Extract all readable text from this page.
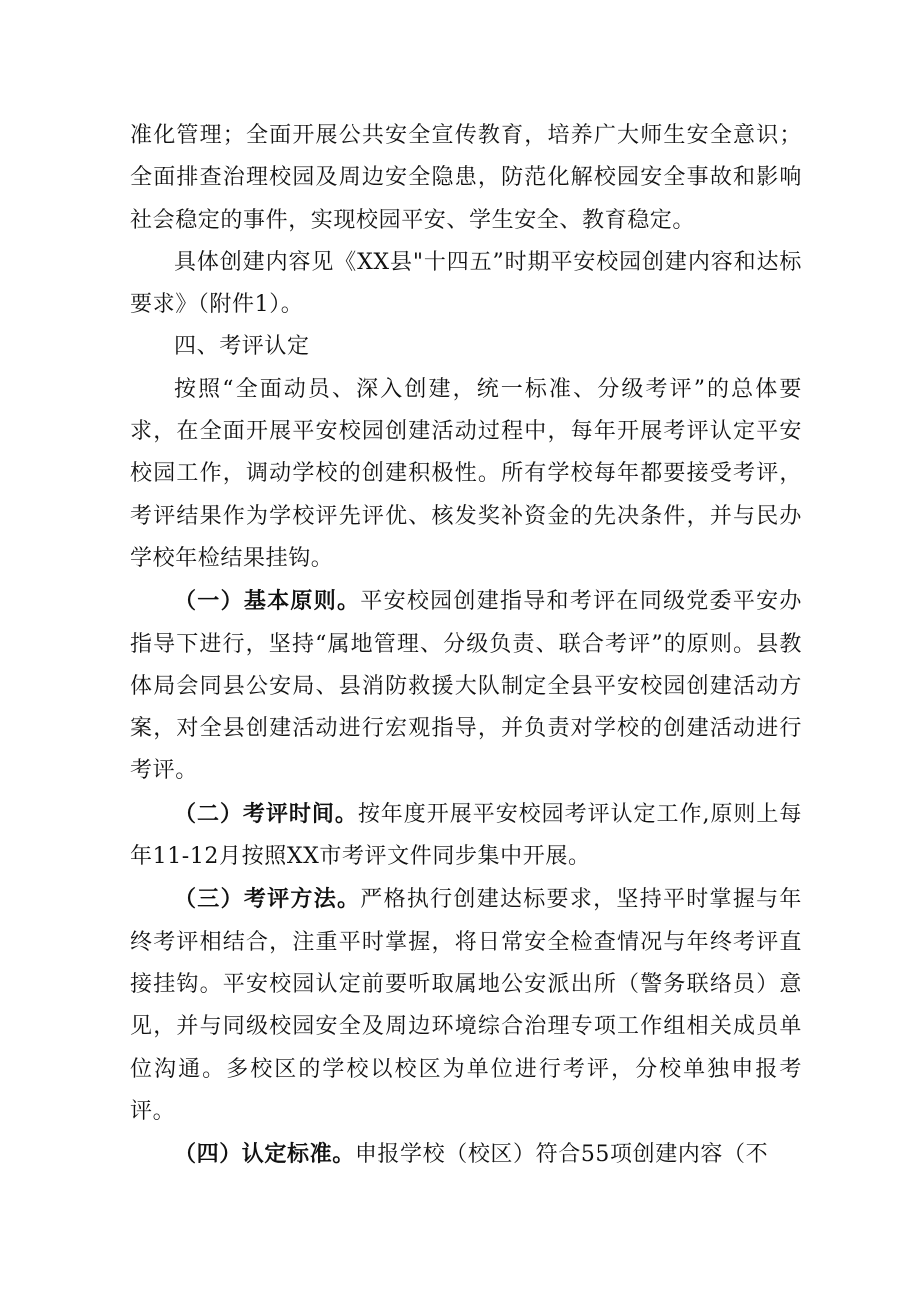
准化管理；全面开展公共安全宣传教育，培养广大师生安全意识；全面排查治理校园及周边安全隐患，防范化解校园安全事故和影响社会稳定的事件，实现校园平安、学生安全、教育稳定。

具体创建内容见《XX县"十四五”时期平安校园创建内容和达标要求》（附件1）。

四、考评认定

按照“全面动员、深入创建，统一标准、分级考评”的总体要求，在全面开展平安校园创建活动过程中，每年开展考评认定平安校园工作，调动学校的创建积极性。所有学校每年都要接受考评，考评结果作为学校评先评优、核发奖补资金的先决条件，并与民办学校年检结果挂钩。

（一）基本原则。平安校园创建指导和考评在同级党委平安办指导下进行，坚持“属地管理、分级负责、联合考评”的原则。县教体局会同县公安局、县消防救援大队制定全县平安校园创建活动方案，对全县创建活动进行宏观指导，并负责对学校的创建活动进行考评。

（二）考评时间。按年度开展平安校园考评认定工作,原则上每年11-12月按照XX市考评文件同步集中开展。

（三）考评方法。严格执行创建达标要求，坚持平时掌握与年终考评相结合，注重平时掌握，将日常安全检查情况与年终考评直接挂钩。平安校园认定前要听取属地公安派出所（警务联络员）意见，并与同级校园安全及周边环境综合治理专项工作组相关成员单位沟通。多校区的学校以校区为单位进行考评，分校单独申报考评。

（四）认定标准。申报学校（校区）符合55项创建内容（不
